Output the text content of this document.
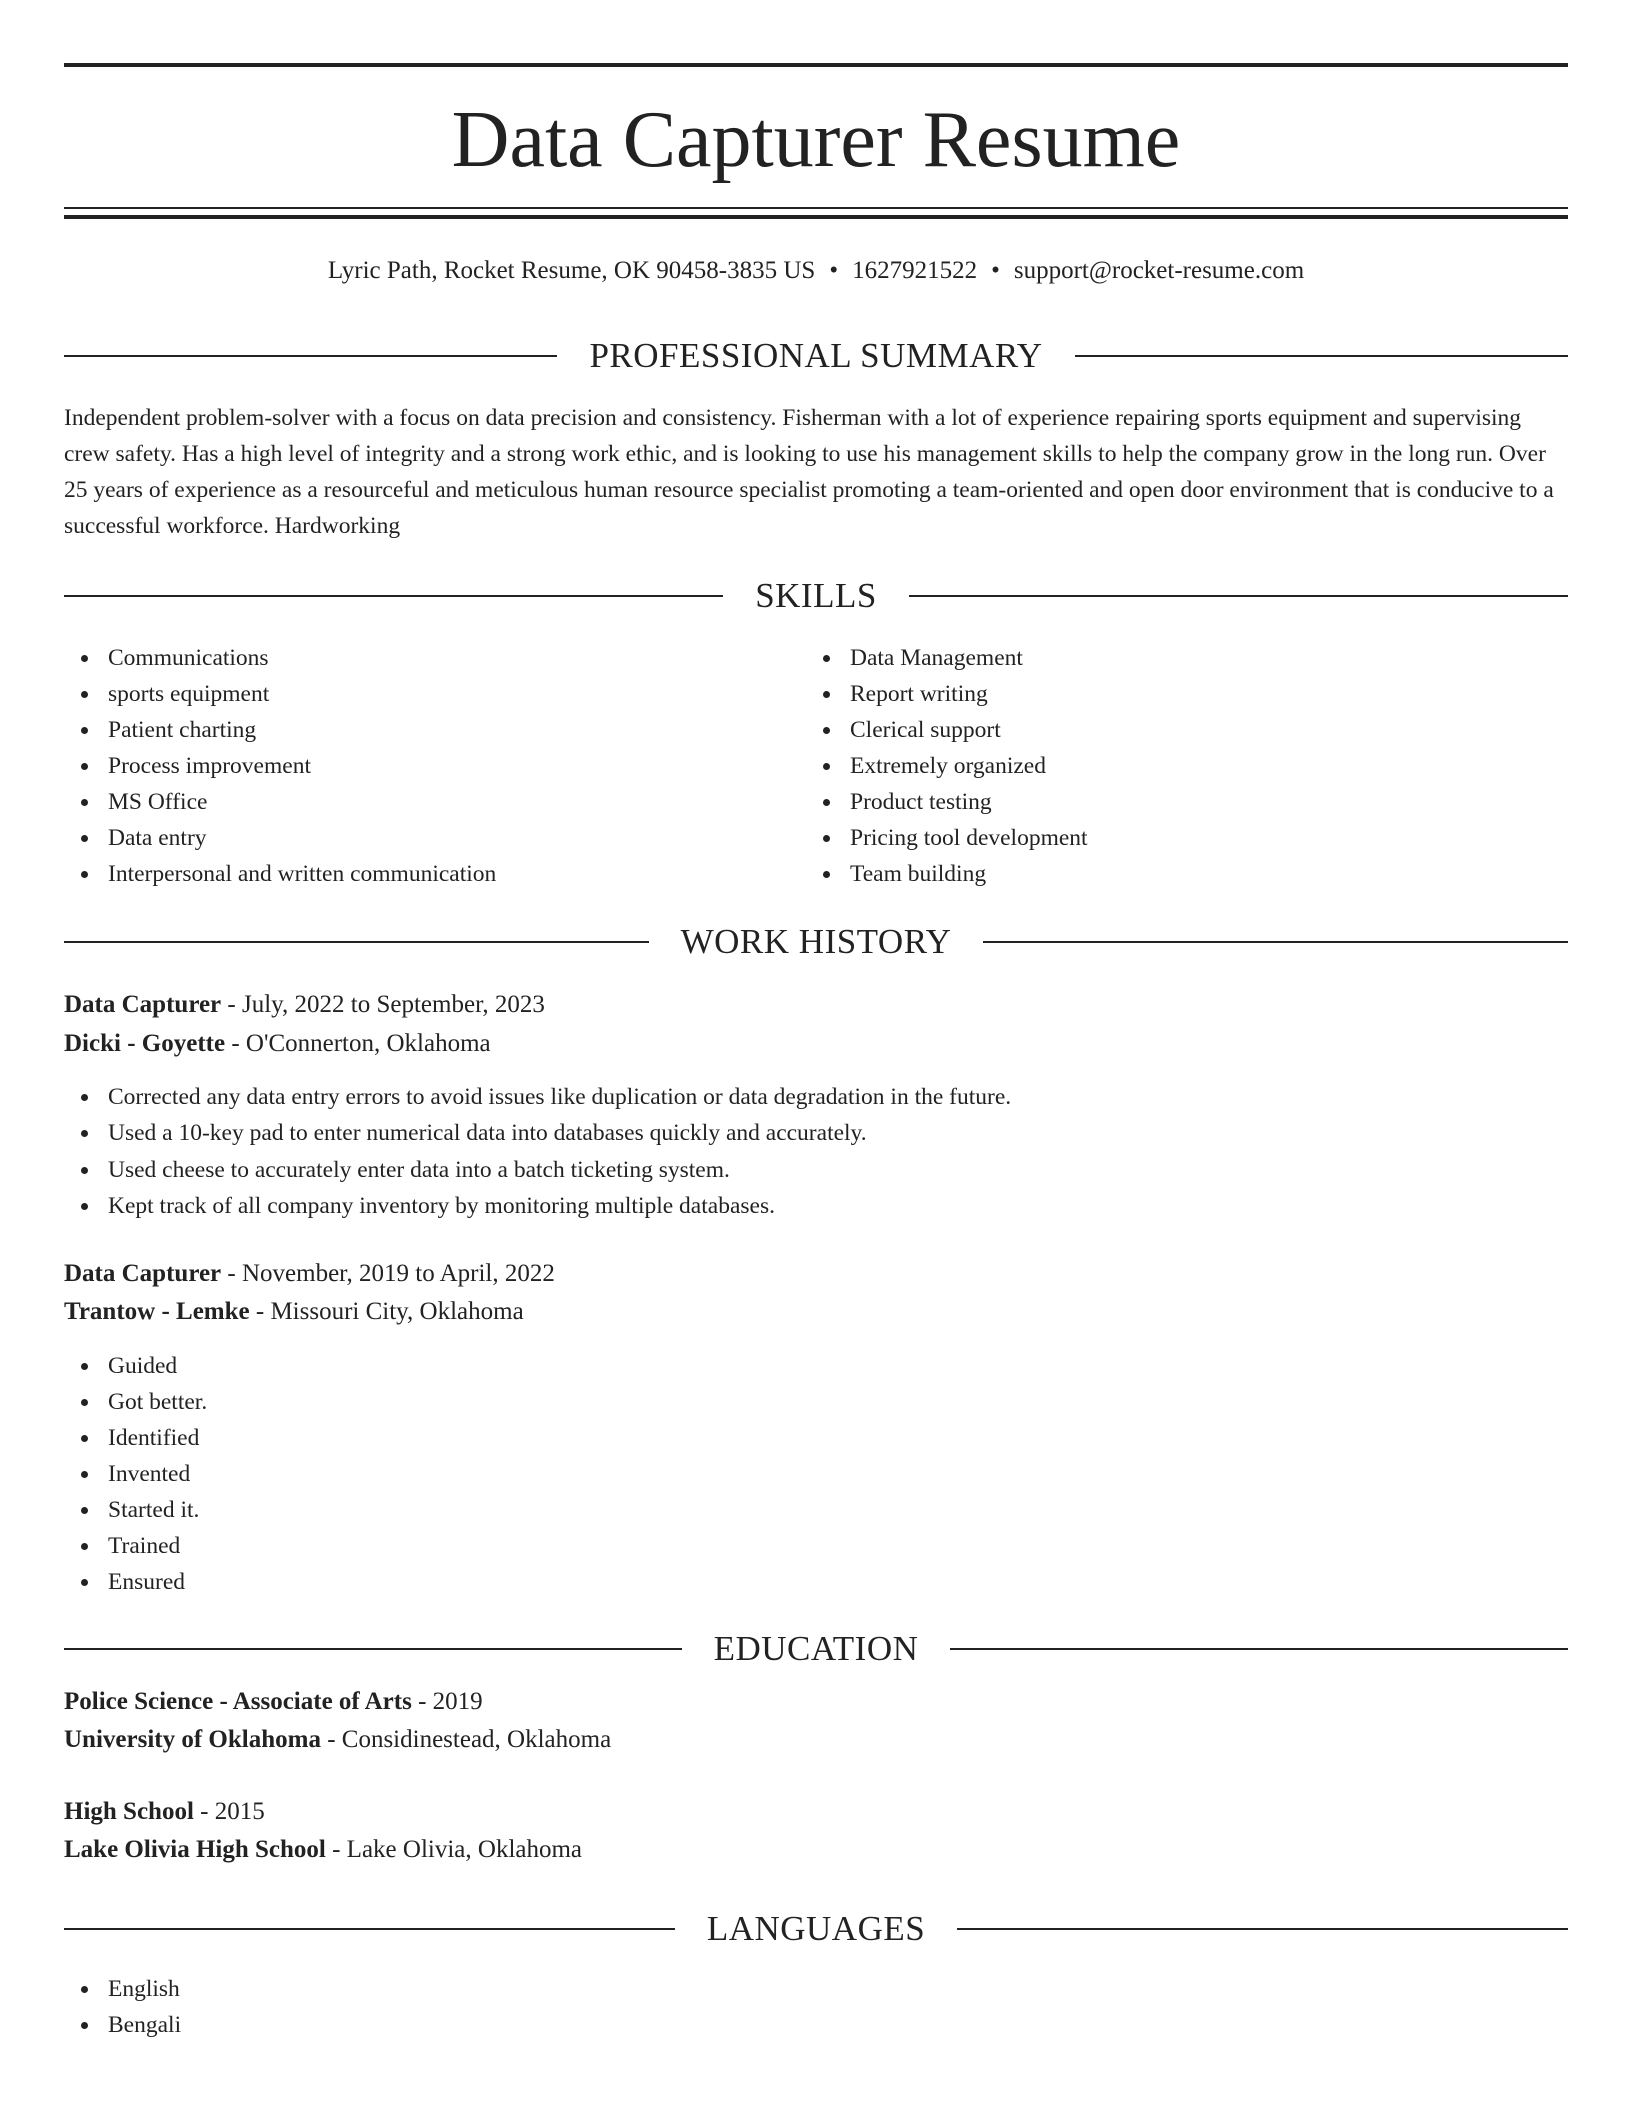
Data Capturer Resume
Lyric Path, Rocket Resume, OK 90458-3835 US • 1627921522 • support@rocket-resume.com
PROFESSIONAL SUMMARY

Independent problem-solver with a focus on data precision and consistency. Fisherman with a lot of experience repairing sports equipment and supervising crew safety. Has a high level of integrity and a strong work ethic, and is looking to use his management skills to help the company grow in the long run. Over 25 years of experience as a resourceful and meticulous human resource specialist promoting a team-oriented and open door environment that is conducive to a successful workforce. Hardworking

SKILLS
Communications
sports equipment
Patient charting
Process improvement
MS Office
Data entry
Interpersonal and written communication
Data Management
Report writing
Clerical support
Extremely organized
Product testing
Pricing tool development
Team building
WORK HISTORY
Data Capturer - July, 2022 to September, 2023
Dicki - Goyette - O'Connerton, Oklahoma
Corrected any data entry errors to avoid issues like duplication or data degradation in the future.
Used a 10-key pad to enter numerical data into databases quickly and accurately.
Used cheese to accurately enter data into a batch ticketing system.
Kept track of all company inventory by monitoring multiple databases.
Data Capturer - November, 2019 to April, 2022
Trantow - Lemke - Missouri City, Oklahoma
Guided
Got better.
Identified
Invented
Started it.
Trained
Ensured
EDUCATION
Police Science - Associate of Arts - 2019
University of Oklahoma - Considinestead, Oklahoma
High School - 2015
Lake Olivia High School - Lake Olivia, Oklahoma
LANGUAGES
English
Bengali
